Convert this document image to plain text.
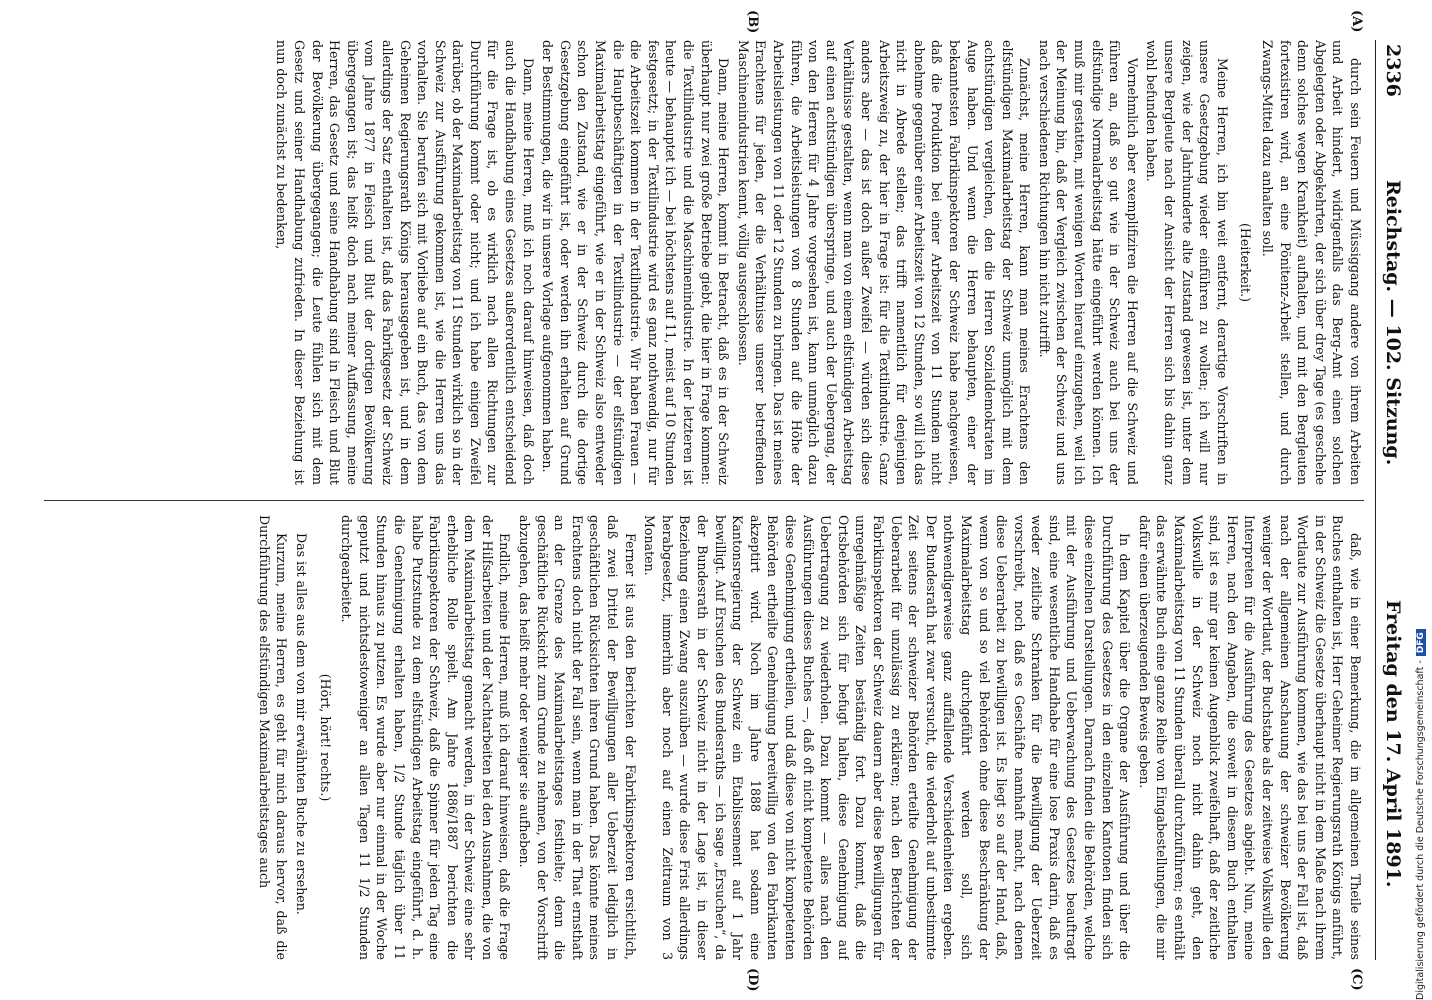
2336
Reichstag. — 102. Sitzung.
Freitag den 17. April 1891.
(A)
(B)
(C)
(D)

durch sein Feuern und Müssiggang andere von ihrem Arbeiten und Arbeit hindert, widrigenfalls das Berg-Amt einen solchen Abgelegten oder Abgekehrten, der sich über drey Tage (es geschehe denn solches wegen Krankheit) aufhalten, und mit den Bergleuten fortexistiren wird, an eine Pönitenz-Arbeit stellen, und durch Zwangs-Mittel dazu anhalten soll.

(Heiterkeit.)

Meine Herren, ich bin weit entfernt, derartige Vorschriften in unsere Gesetzgebung wieder einführen zu wollen; ich will nur zeigen, wie der Jahrhunderte alte Zustand gewesen ist, unter dem unsere Bergleute nach der Ansicht der Herren sich bis dahin ganz wohl befunden haben.

Vornehmlich aber exemplifiziren die Herren auf die Schweiz und führen an, daß so gut wie in der Schweiz auch bei uns der elfstündige Normalarbeitstag hätte eingeführt werden können. Ich muß mir gestatten, mit wenigen Worten hierauf einzugehen, weil ich der Meinung bin, daß der Vergleich zwischen der Schweiz und uns nach verschiedenen Richtungen hin nicht zutrifft.

Zunächst, meine Herren, kann man meines Erachtens den elfstündigen Maximalarbeitstag der Schweiz unmöglich mit dem achtstündigen vergleichen, den die Herren Sozialdemokraten im Auge haben. Und wenn die Herren behaupten, einer der bekanntesten Fabrikinspektoren der Schweiz habe nachgewiesen, daß die Produktion bei einer Arbeitszeit von 11 Stunden nicht abnehme gegenüber einer Arbeitszeit von 12 Stunden, so will ich das nicht in Abrede stellen; das trifft namentlich für denjenigen Arbeitszweig zu, der hier in Frage ist: für die Textilindustrie. Ganz anders aber — das ist doch außer Zweifel — würden sich diese Verhältnisse gestalten, wenn man von einem elfstündigen Arbeitstag auf einen achtstündigen überspringe, und auch der Uebergang, der von den Herren für 4 Jahre vorgesehen ist, kann unmöglich dazu führen, die Arbeitsleistungen von 8 Stunden auf die Höhe der Arbeitsleistungen von 11 oder 12 Stunden zu bringen. Das ist meines Erachtens für jeden, der die Verhältnisse unserer betreffenden Maschinenindustrien kennt, völlig ausgeschlossen.

Dann, meine Herren, kommt in Betracht, daß es in der Schweiz überhaupt nur zwei große Betriebe giebt, die hier in Frage kommen: die Textilindustrie und die Maschinenindustrie. In der letzteren ist heute — behauptet ich — bei höchstens auf 11, meist auf 10 Stunden festgesetzt; in der Textilindustrie wird es ganz nothwendig, nur für die Arbeitszeit kommen in der Textilindustrie. Wir haben Frauen — die Hauptbeschäftigten in der Textilindustrie — der elfstündigen Maximalarbeitstag eingeführt, wie er in der Schweiz also entweder schon den Zustand, wie er in der Schweiz durch die dortige Gesetzgebung eingeführt ist, oder werden ihn erhalten auf Grund der Bestimmungen, die wir in unsere Vorlage aufgenommen haben.

Dann, meine Herren, muß ich noch darauf hinweisen, daß doch auch die Handhabung eines Gesetzes außerordentlich entscheidend für die Frage ist, ob es wirklich nach allen Richtungen zur Durchführung kommt oder nicht; und ich habe einigen Zweifel darüber, ob der Maximalarbeitstag von 11 Stunden wirklich so in der Schweiz zur Ausführung gekommen ist, wie die Herren uns das vorhalten. Sie berufen sich mit Vorliebe auf ein Buch, das von dem Geheimen Regierungsrath Königs herausgegeben ist, und in dem allerdings der Satz enthalten ist, daß das Fabrikgesetz der Schweiz vom Jahre 1877 in Fleisch und Blut der dortigen Bevölkerung übergegangen ist; das heißt doch nach meiner Auffassung, meine Herren, das Gesetz und seine Handhabung sind in Fleisch und Blut der Bevölkerung übergegangen; die Leute fühlen sich mit dem Gesetz und seiner Handhabung zufrieden. In dieser Beziehung ist nun doch zunächst zu bedenken,

daß, wie in einer Bemerkung, die im allgemeinen Theile seines Buches enthalten ist, Herr Geheimer Regierungsrath Königs anführt, in der Schweiz die Gesetze überhaupt nicht in dem Maße nach ihrem Wortlaute zur Ausführung kommen, wie das bei uns der Fall ist, daß nach der allgemeinen Anschauung der schweizer Bevölkerung weniger der Wortlaut, der Buchstabe als der zeitweise Volkswille den Interpreten für die Ausführung des Gesetzes abgiebt. Nun, meine Herren, nach den Angaben, die soweit in diesem Buch enthalten sind, ist es mir gar keinen Augenblick zweifelhaft, daß der zeitliche Volkswille in der Schweiz noch nicht dahin geht, den Maximalarbeitstag von 11 Stunden überall durchzuführen; es enthält das erwähnte Buch eine ganze Reihe von Eingabestellungen, die mir dafür einen überzeugenden Beweis geben.

In dem Kapitel über die Organe der Ausführung und über die Durchführung des Gesetzes in den einzelnen Kantonen finden sich diese einzelnen Darstellungen. Darnach finden die Behörden, welche mit der Ausführung und Ueberwachung des Gesetzes beauftragt sind, eine wesentliche Handhabe für eine lose Praxis darin, daß es weder zeitliche Schranken für die Bewilligung der Ueberzeit vorschreibt, noch daß es Geschäfte namhaft macht, nach denen diese Ueberarbeit zu bewilligen ist. Es liegt so auf der Hand, daß, wenn von so und so viel Behörden ohne diese Beschränkung der Maximalarbeitstag durchgeführt werden soll, sich nothwendigerweise ganz auffallende Verschiedenheiten ergeben. Der Bundesrath hat zwar versucht, die wiederholt auf unbestimmte Zeit seitens der schweizer Behörden erteilte Genehmigung der Ueberarbeit für unzulässig zu erklären; nach den Berichten der Fabrikinspektoren der Schweiz dauern aber diese Bewilligungen für unregelmäßige Zeiten beständig fort. Dazu kommt, daß die Ortsbehörden sich für befugt halten, diese Genehmigung auf Uebertragung zu wiederholen. Dazu kommt — alles nach den Ausführungen dieses Buches —, daß oft nicht kompetente Behörden diese Genehmigung ertheilen, und daß diese von nicht kompetenten Behörden ertheilte Genehmigung bereitwillig von den Fabrikanten akzeptirt wird. Noch im Jahre 1888 hat sodann eine Kantonsregierung der Schweiz ein Etablissement auf 1 Jahr bewilligt. Auf Ersuchen des Bundesraths — ich sage „Ersuchen“, da der Bundesrath in der Schweiz nicht in der Lage ist, in dieser Beziehung einen Zwang auszuüben — wurde diese Frist allerdings herabgesetzt, immerhin aber noch auf einen Zeitraum von 3 Monaten.

Ferner ist aus den Berichten der Fabrikinspektoren ersichtlich, daß zwei Drittel der Bewilligungen aller Ueberzeit lediglich in geschäftlichen Rücksichten ihren Grund haben. Das könnte meines Erachtens doch nicht der Fall sein, wenn man in der That ernsthaft an der Grenze des Maximalarbeitstages festhielte; denn die geschäftliche Rücksicht zum Grunde zu nehmen, von der Vorschrift abzugehen, das heißt mehr oder weniger sie aufheben.

Endlich, meine Herren, muß ich darauf hinweisen, daß die Frage der Hilfsarbeiten und der Nachtarbeiten bei den Ausnahmen, die von dem Maximalarbeitstag gemacht werden, in der Schweiz eine sehr erhebliche Rolle spielt. Am Jahre 1886/1887 berichten die Fabrikinspektoren der Schweiz, daß die Spinner für jeden Tag eine halbe Putzstunde zu dem elfstündigen Arbeitstag eingeführt, d. h. die Genehmigung erhalten haben, 1/2 Stunde täglich über 11 Stunden hinaus zu putzen. Es wurde aber nur einmal in der Woche geputzt und nichtsdestoweniger an allen Tagen 11 1/2 Stunden durchgearbeitet.

(Hört, hört! rechts.)

Das ist alles aus dem von mir erwähnten Buche zu ersehen.

Kurzum, meine Herren, es geht für mich daraus hervor, daß die Durchführung des elfstündigen Maximalarbeitstages auch	Digitalisierung gefördert durch die Deutsche Forschungsgemeinschaft -DFG
